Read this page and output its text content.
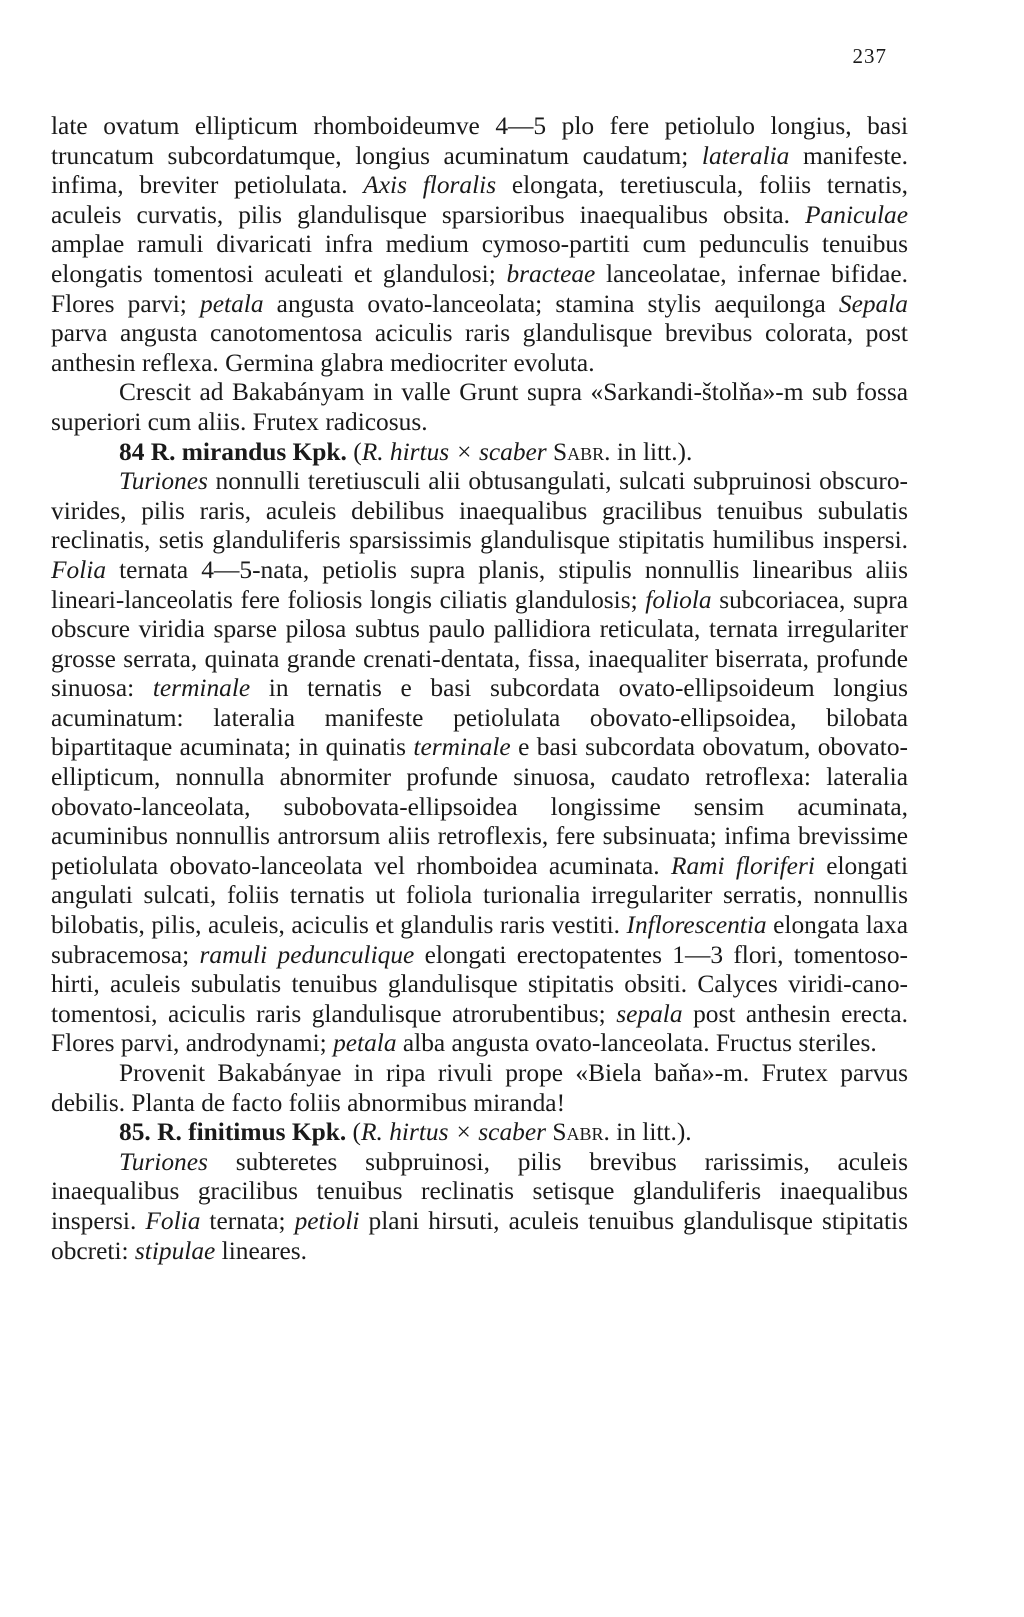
237

late ovatum ellipticum rhomboideumve 4—5 plo fere petiolulo longius, basi truncatum subcordatumque, longius acuminatum caudatum; lateralia manifeste. infima, breviter petiolulata. Axis floralis elongata, teretiuscula, foliis ternatis, aculeis curvatis, pilis glandulisque sparsioribus inaequalibus obsita. Paniculae amplae ramuli divaricati infra medium cymoso-partiti cum pedunculis tenuibus elongatis tomentosi aculeati et glandulosi; bracteae lanceolatae, infernae bifidae. Flores parvi; petala angusta ovato-lanceolata; stamina stylis aequilonga Sepala parva angusta canotomentosa aciculis raris glandulisque brevibus colorata, post anthesin reflexa. Germina glabra mediocriter evoluta.

Crescit ad Bakabányam in valle Grunt supra «Sarkandi-štolňa»-m sub fossa superiori cum aliis. Frutex radicosus.

84 R. mirandus Kpk. (R. hirtus × scaber Sabr. in litt.).

Turiones nonnulli teretiusculi alii obtusangulati, sulcati subpruinosi obscuro-virides, pilis raris, aculeis debilibus inaequalibus gracilibus tenuibus subulatis reclinatis, setis glanduliferis sparsissimis glandulisque stipitatis humilibus inspersi. Folia ternata 4—5-nata, petiolis supra planis, stipulis nonnullis linearibus aliis lineari-lanceolatis fere foliosis longis ciliatis glandulosis; foliola subcoriacea, supra obscure viridia sparse pilosa subtus paulo pallidiora reticulata, ternata irregulariter grosse serrata, quinata grande crenati-dentata, fissa, inaequaliter biserrata, profunde sinuosa: terminale in ternatis e basi subcordata ovato-ellipsoideum longius acuminatum: lateralia manifeste petiolulata obovato-ellipsoidea, bilobata bipartitaque acuminata; in quinatis terminale e basi subcordata obovatum, obovato-ellipticum, nonnulla abnormiter profunde sinuosa, caudato retroflexa: lateralia obovato-lanceolata, subobovata-ellipsoidea longissime sensim acuminata, acuminibus nonnullis antrorsum aliis retroflexis, fere subsinuata; infima brevissime petiolulata obovato-lanceolata vel rhomboidea acuminata. Rami floriferi elongati angulati sulcati, foliis ternatis ut foliola turionalia irregulariter serratis, nonnullis bilobatis, pilis, aculeis, aciculis et glandulis raris vestiti. Inflorescentia elongata laxa subracemosa; ramuli pedunculique elongati erectopatentes 1—3 flori, tomentoso-hirti, aculeis subulatis tenuibus glandulisque stipitatis obsiti. Calyces viridi-cano-tomentosi, aciculis raris glandulisque atrorubentibus; sepala post anthesin erecta. Flores parvi, androdynami; petala alba angusta ovato-lanceolata. Fructus steriles.

Provenit Bakabányae in ripa rivuli prope «Biela baňa»-m. Frutex parvus debilis. Planta de facto foliis abnormibus miranda!

85. R. finitimus Kpk. (R. hirtus × scaber Sabr. in litt.).

Turiones subteretes subpruinosi, pilis brevibus rarissimis, aculeis inaequalibus gracilibus tenuibus reclinatis setisque glanduliferis inaequalibus inspersi. Folia ternata; petioli plani hirsuti, aculeis tenuibus glandulisque stipitatis obcreti: stipulae lineares.
